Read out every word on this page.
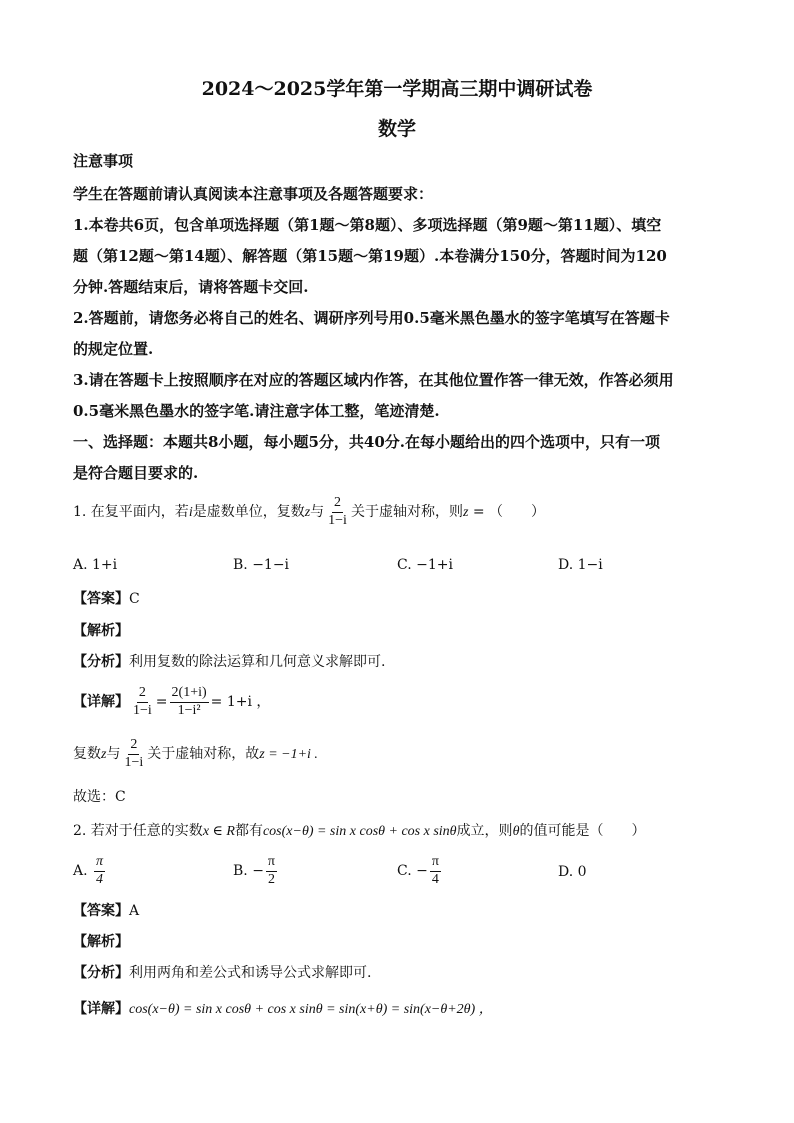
2024～2025学年第一学期高三期中调研试卷
数学
注意事项
学生在答题前请认真阅读本注意事项及各题答题要求：
1.本卷共6页，包含单项选择题（第1题～第8题）、多项选择题（第9题～第11题）、填空
题（第12题～第14题）、解答题（第15题～第19题）.本卷满分150分，答题时间为120
分钟.答题结束后，请将答题卡交回.
2.答题前，请您务必将自己的姓名、调研序列号用0.5毫米黑色墨水的签字笔填写在答题卡
的规定位置.
3.请在答题卡上按照顺序在对应的答题区域内作答，在其他位置作答一律无效，作答必须用
0.5毫米黑色墨水的签字笔.请注意字体工整，笔迹清楚.
一、选择题：本题共8小题，每小题5分，共40分.在每小题给出的四个选项中，只有一项
是符合题目要求的.
1. 在复平面内，若i是虚数单位，复数z与 $\frac{2}{1-i}$ 关于虚轴对称，则z = （　　）
A. 1+i	B. −1−i	C. −1+i	D. 1−i
【答案】C
【解析】
【分析】利用复数的除法运算和几何意义求解即可.
【详解】 $\frac{2}{1-i} = \frac{2(1+i)}{\text{1−i²}} = 1+i$ ，
复数z与 $\frac{2}{1-i}$ 关于虚轴对称，故z = −1+i .
故选：C
2. 若对于任意的实数x ∈ R都有cos(x−θ) = sin x cosθ + cos x sinθ成立，则θ的值可能是（　　）
A. $\frac{\pi}{4}$	B. − $\frac{\pi}{2}$	C. − $\frac{\pi}{4}$	D. 0
【答案】A
【解析】
【分析】利用两角和差公式和诱导公式求解即可.
【详解】cos(x−θ) = sin x cosθ + cos x sinθ = sin(x+θ) = sin(x−θ+2θ) ，
